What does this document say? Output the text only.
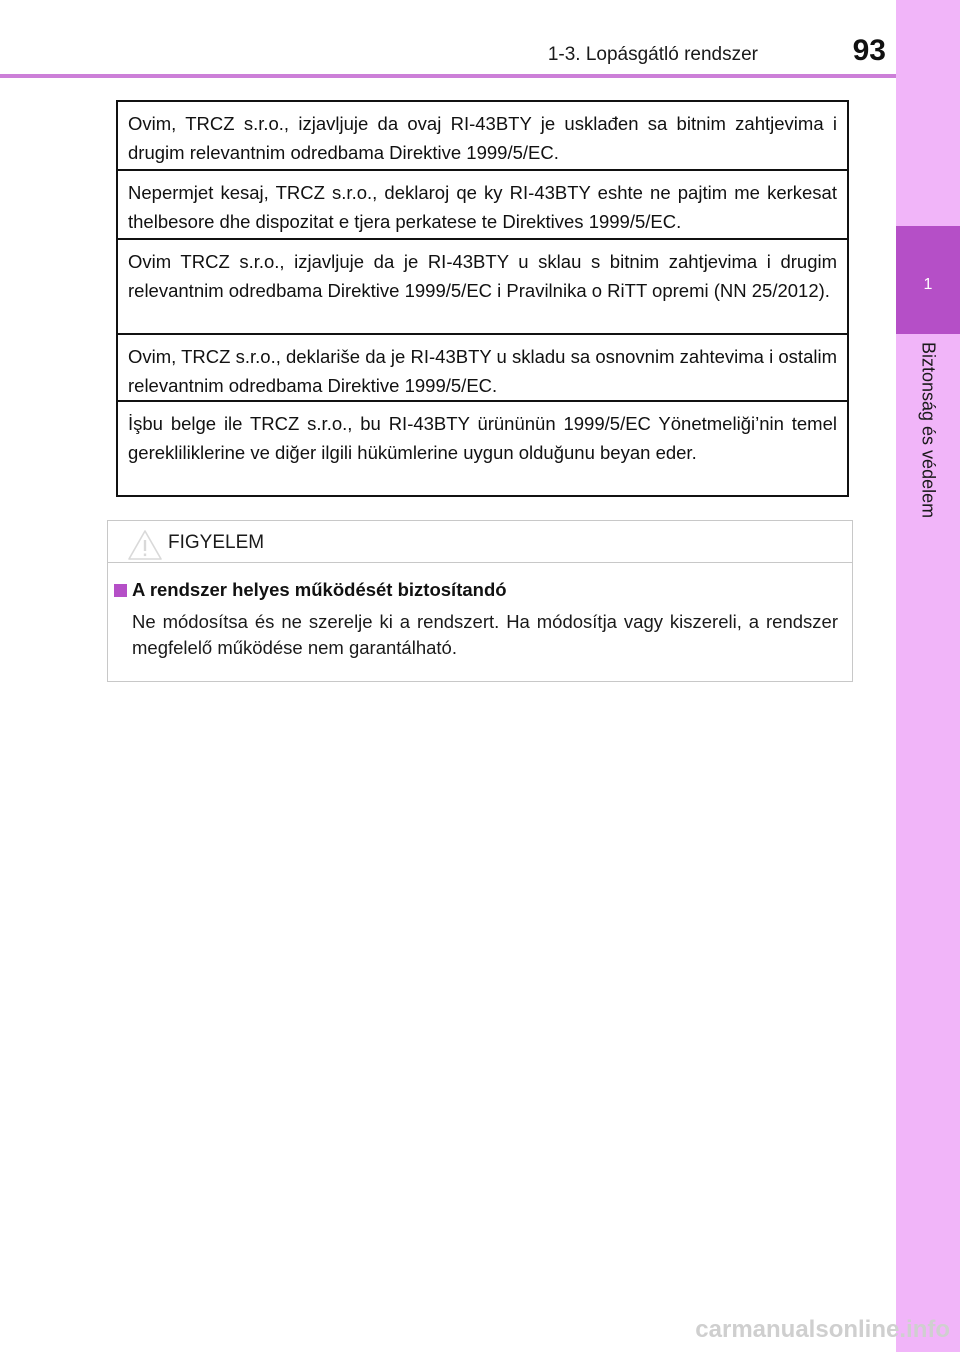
1-3. Lopásgátló rendszer	93
1
Biztonság és védelem
Ovim, TRCZ s.r.o., izjavljuje da ovaj RI-43BTY je usklađen sa bitnim zahtjevima i drugim relevantnim odredbama Direktive 1999/5/EC.
Nepermjet kesaj, TRCZ s.r.o., deklaroj qe ky RI-43BTY eshte ne pajtim me kerkesat thelbesore dhe dispozitat e tjera perkatese te Direktives 1999/5/EC.
Ovim TRCZ s.r.o., izjavljuje da je RI-43BTY u sklau s bitnim zahtjevima i drugim relevantnim odredbama Direktive 1999/5/EC i Pravilnika o RiTT opremi (NN 25/2012).
Ovim, TRCZ s.r.o., deklariše da je RI-43BTY u skladu sa osnovnim zahtevima i ostalim relevantnim odredbama Direktive 1999/5/EC.
İşbu belge ile TRCZ s.r.o., bu RI-43BTY ürününün 1999/5/EC Yönetmeliği’nin temel gerekliliklerine ve diğer ilgili hükümlerine uygun olduğunu beyan eder.
FIGYELEM
A rendszer helyes működését biztosítandó
Ne módosítsa és ne szerelje ki a rendszert. Ha módosítja vagy kiszereli, a rendszer megfelelő működése nem garantálható.
carmanualsonline.info
